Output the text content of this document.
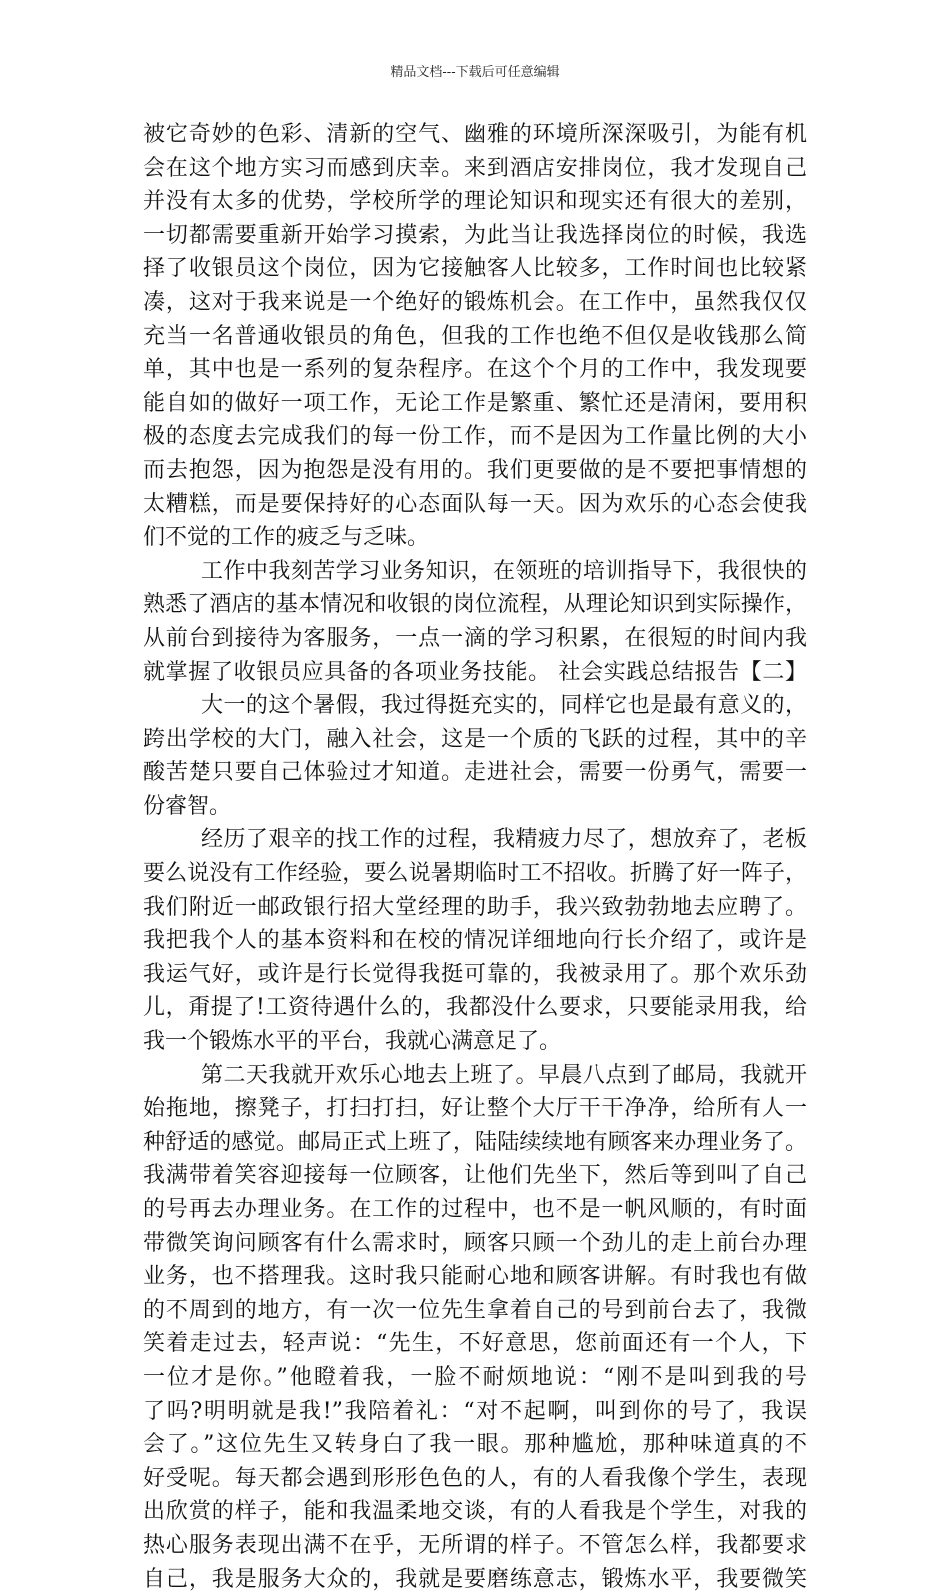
精品文档---下载后可任意编辑
被它奇妙的色彩、清新的空气、幽雅的环境所深深吸引，为能有机
会在这个地方实习而感到庆幸。来到酒店安排岗位，我才发现自己
并没有太多的优势，学校所学的理论知识和现实还有很大的差别，
一切都需要重新开始学习摸索，为此当让我选择岗位的时候，我选
择了收银员这个岗位，因为它接触客人比较多，工作时间也比较紧
凑，这对于我来说是一个绝好的锻炼机会。在工作中，虽然我仅仅
充当一名普通收银员的角色，但我的工作也绝不但仅是收钱那么简
单，其中也是一系列的复杂程序。在这个个月的工作中，我发现要
能自如的做好一项工作，无论工作是繁重、繁忙还是清闲，要用积
极的态度去完成我们的每一份工作，而不是因为工作量比例的大小
而去抱怨，因为抱怨是没有用的。我们更要做的是不要把事情想的
太糟糕，而是要保持好的心态面队每一天。因为欢乐的心态会使我
们不觉的工作的疲乏与乏味。
工作中我刻苦学习业务知识，在领班的培训指导下，我很快的
熟悉了酒店的基本情况和收银的岗位流程，从理论知识到实际操作，
从前台到接待为客服务，一点一滴的学习积累，在很短的时间内我
就掌握了收银员应具备的各项业务技能。 社会实践总结报告【二】
大一的这个暑假，我过得挺充实的，同样它也是最有意义的，
跨出学校的大门，融入社会，这是一个质的飞跃的过程，其中的辛
酸苦楚只要自己体验过才知道。走进社会，需要一份勇气，需要一
份睿智。
经历了艰辛的找工作的过程，我精疲力尽了，想放弃了，老板
要么说没有工作经验，要么说暑期临时工不招收。折腾了好一阵子，
我们附近一邮政银行招大堂经理的助手，我兴致勃勃地去应聘了。
我把我个人的基本资料和在校的情况详细地向行长介绍了，或许是
我运气好，或许是行长觉得我挺可靠的，我被录用了。那个欢乐劲
儿，甭提了!工资待遇什么的，我都没什么要求，只要能录用我，给
我一个锻炼水平的平台，我就心满意足了。
第二天我就开欢乐心地去上班了。早晨八点到了邮局，我就开
始拖地，擦凳子，打扫打扫，好让整个大厅干干净净，给所有人一
种舒适的感觉。邮局正式上班了，陆陆续续地有顾客来办理业务了。
我满带着笑容迎接每一位顾客，让他们先坐下，然后等到叫了自己
的号再去办理业务。在工作的过程中，也不是一帆风顺的，有时面
带微笑询问顾客有什么需求时，顾客只顾一个劲儿的走上前台办理
业务，也不搭理我。这时我只能耐心地和顾客讲解。有时我也有做
的不周到的地方，有一次一位先生拿着自己的号到前台去了，我微
笑着走过去，轻声说：“先生，不好意思，您前面还有一个人，下
一位才是你。”他瞪着我，一脸不耐烦地说：“刚不是叫到我的号
了吗?明明就是我!”我陪着礼：“对不起啊，叫到你的号了，我误
会了。”这位先生又转身白了我一眼。那种尴尬，那种味道真的不
好受呢。每天都会遇到形形色色的人，有的人看我像个学生，表现
出欣赏的样子，能和我温柔地交谈，有的人看我是个学生，对我的
热心服务表现出满不在乎，无所谓的样子。不管怎么样，我都要求
自己，我是服务大众的，我就是要磨练意志，锻炼水平，我要微笑
